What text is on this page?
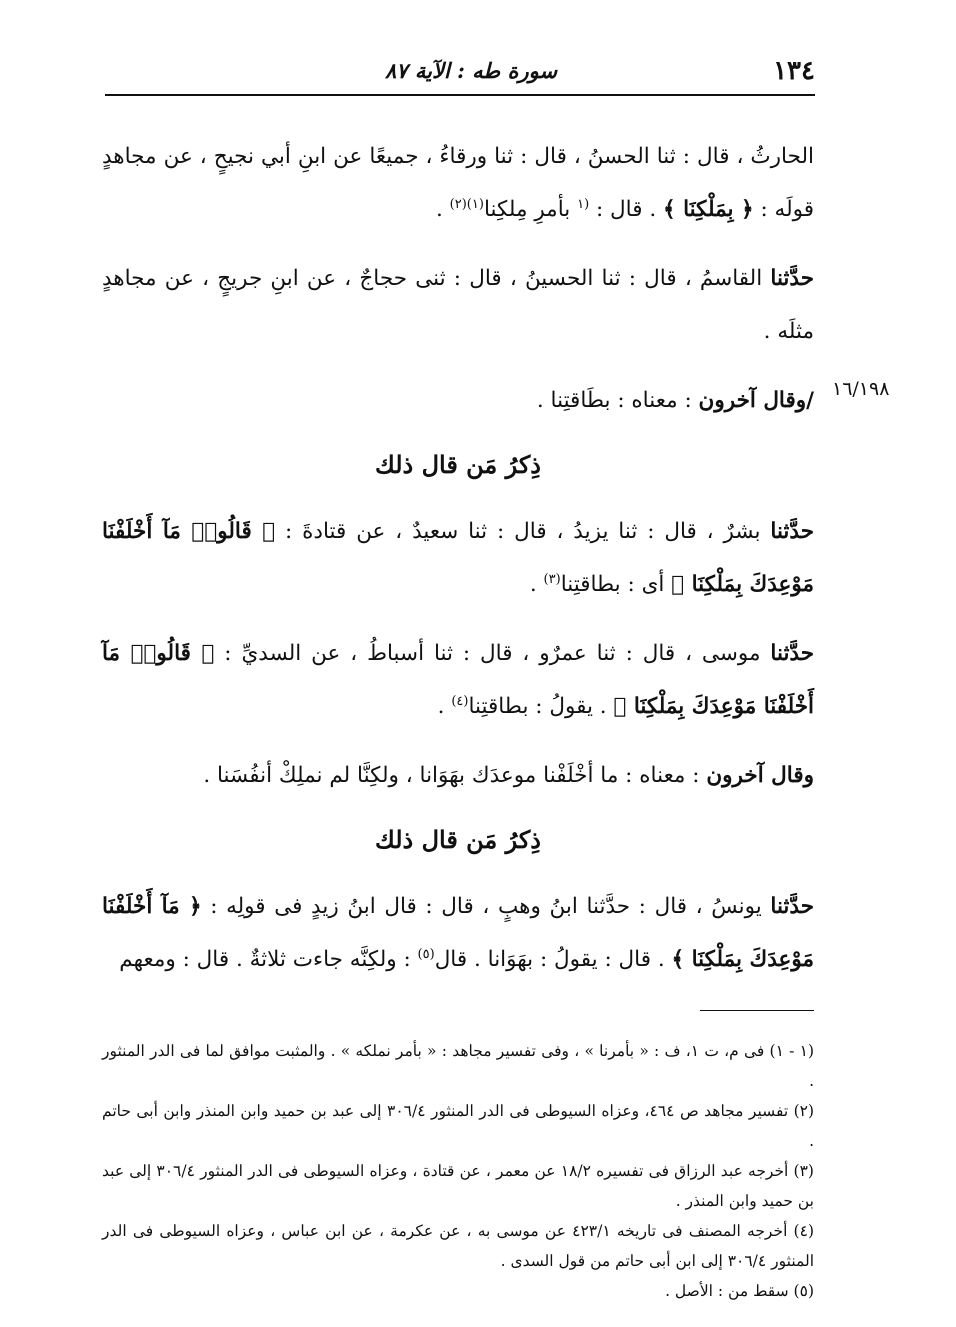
١٣٤
سورة طه : الآية ٨٧
١٦/١٩٨

الحارثُ ، قال : ثنا الحسنُ ، قال : ثنا ورقاءُ ، جميعًا عن ابنِ أبي نجيحٍ ، عن مجاهدٍ قولَه : ﴿ بِمَلْكِنَا ﴾ . قال : $^{(١}$ بأمرِ مِلكِنا$^{(١)(٢)}$ .

حدَّثنا القاسمُ ، قال : ثنا الحسينُ ، قال : ثنى حجاجٌ ، عن ابنِ جريجٍ ، عن مجاهدٍ مثلَه .

/وقال آخرون : معناه : بطَاقتِنا .

ذِكرُ مَن قال ذلك

حدَّثنا بشرٌ ، قال : ثنا يزيدُ ، قال : ثنا سعيدٌ ، عن قتادةَ : ﴿ قَالُوا۟ مَآ أَخْلَفْنَا مَوْعِدَكَ بِمَلْكِنَا ﴾ أى : بطاقتِنا$^{(٣)}$ .

حدَّثنا موسى ، قال : ثنا عمرٌو ، قال : ثنا أسباطُ ، عن السديِّ : ﴿ قَالُوا۟ مَآ أَخْلَفْنَا مَوْعِدَكَ بِمَلْكِنَا ﴾ . يقولُ : بطاقتِنا$^{(٤)}$ .

وقال آخرون : معناه : ما أخْلَفْنا موعدَك بهَوَانا ، ولكِنَّا لم نملِكْ أنفُسَنا .

ذِكرُ مَن قال ذلك

حدَّثنا يونسُ ، قال : حدَّثنا ابنُ وهبٍ ، قال : قال ابنُ زيدٍ فى قولِه : ﴿ مَآ أَخْلَفْنَا مَوْعِدَكَ بِمَلْكِنَا ﴾ . قال : يقولُ : بهَوَانا . قال$^{(٥)}$ : ولكِنَّه جاءت ثلاثةٌ . قال : ومعهم

(١ - ١) فى م، ت ١، ف : « بأمرنا » ، وفى تفسير مجاهد : « بأمر نملكه » . والمثبت موافق لما فى الدر المنثور .

(٢) تفسير مجاهد ص ٤٦٤، وعزاه السيوطى فى الدر المنثور ٣٠٦/٤ إلى عبد بن حميد وابن المنذر وابن أبى حاتم .

(٣) أخرجه عبد الرزاق فى تفسيره ١٨/٢ عن معمر ، عن قتادة ، وعزاه السيوطى فى الدر المنثور ٣٠٦/٤ إلى عبد بن حميد وابن المنذر .

(٤) أخرجه المصنف فى تاريخه ٤٢٣/١ عن موسى به ، عن عكرمة ، عن ابن عباس ، وعزاه السيوطى فى الدر المنثور ٣٠٦/٤ إلى ابن أبى حاتم من قول السدى .

(٥) سقط من : الأصل .
